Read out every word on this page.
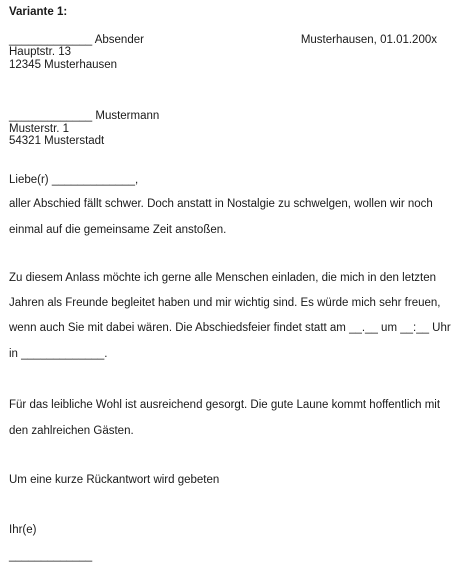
Variante 1:
_____________ Absender	Musterhausen, 01.01.200x
Hauptstr. 13
12345 Musterhausen
_____________ Mustermann
Musterstr. 1
54321 Musterstadt
Liebe(r) _____________,
aller Abschied fällt schwer. Doch anstatt in Nostalgie zu schwelgen, wollen wir noch
einmal auf die gemeinsame Zeit anstoßen.
Zu diesem Anlass möchte ich gerne alle Menschen einladen, die mich in den letzten
Jahren als Freunde begleitet haben und mir wichtig sind. Es würde mich sehr freuen,
wenn auch Sie mit dabei wären. Die Abschiedsfeier findet statt am __.__ um __:__ Uhr
in _____________.
Für das leibliche Wohl ist ausreichend gesorgt. Die gute Laune kommt hoffentlich mit
den zahlreichen Gästen.
Um eine kurze Rückantwort wird gebeten
Ihr(e)
_____________
